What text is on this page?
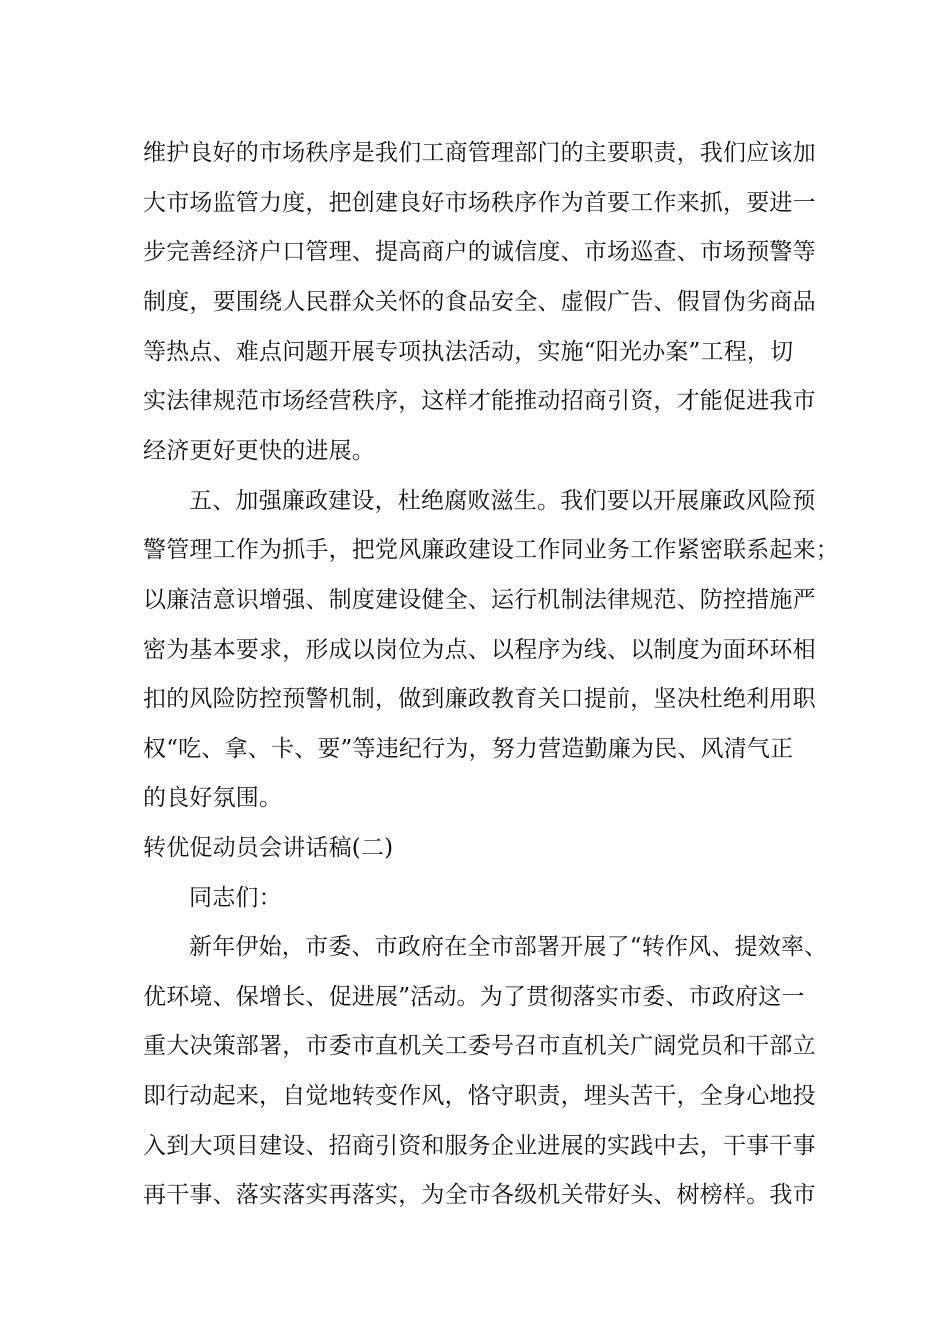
维护良好的市场秩序是我们工商管理部门的主要职责，我们应该加
大市场监管力度，把创建良好市场秩序作为首要工作来抓，要进一
步完善经济户口管理、提高商户的诚信度、市场巡查、市场预警等
制度，要围绕人民群众关怀的食品安全、虚假广告、假冒伪劣商品
等热点、难点问题开展专项执法活动，实施“阳光办案”工程，切
实法律规范市场经营秩序，这样才能推动招商引资，才能促进我市
经济更好更快的进展。
五、加强廉政建设，杜绝腐败滋生。我们要以开展廉政风险预
警管理工作为抓手，把党风廉政建设工作同业务工作紧密联系起来；
以廉洁意识增强、制度建设健全、运行机制法律规范、防控措施严
密为基本要求，形成以岗位为点、以程序为线、以制度为面环环相
扣的风险防控预警机制，做到廉政教育关口提前，坚决杜绝利用职
权“吃、拿、卡、要”等违纪行为，努力营造勤廉为民、风清气正
的良好氛围。
转优促动员会讲话稿(二)
同志们：
新年伊始，市委、市政府在全市部署开展了“转作风、提效率、
优环境、保增长、促进展”活动。为了贯彻落实市委、市政府这一
重大决策部署，市委市直机关工委号召市直机关广阔党员和干部立
即行动起来，自觉地转变作风，恪守职责，埋头苦干，全身心地投
入到大项目建设、招商引资和服务企业进展的实践中去，干事干事
再干事、落实落实再落实，为全市各级机关带好头、树榜样。我市
